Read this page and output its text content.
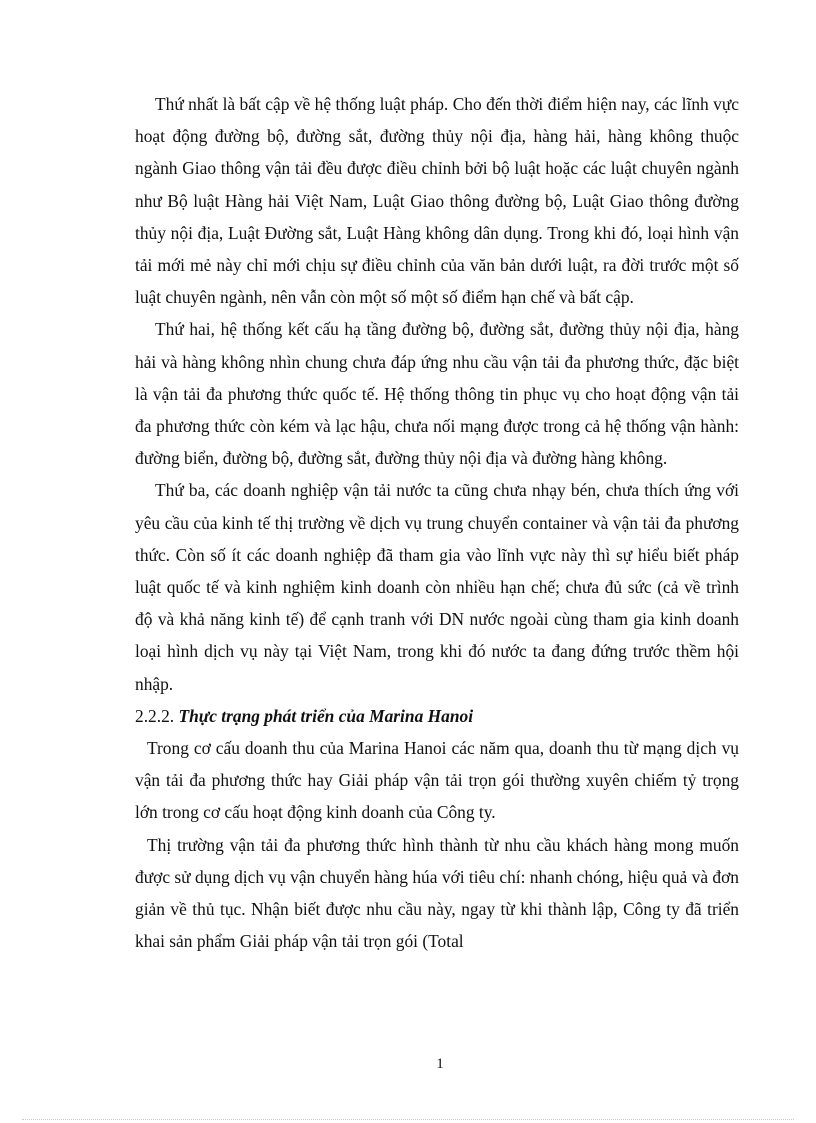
Thứ nhất là bất cập về hệ thống luật pháp. Cho đến thời điểm hiện nay, các lĩnh vực hoạt động đường bộ, đường sắt, đường thủy nội địa, hàng hải, hàng không thuộc ngành Giao thông vận tải đều được điều chỉnh bởi bộ luật hoặc các luật chuyên ngành như Bộ luật Hàng hải Việt Nam, Luật Giao thông đường bộ, Luật Giao thông đường thủy nội địa, Luật Đường sắt, Luật Hàng không dân dụng. Trong khi đó, loại hình vận tải mới mẻ này chỉ mới chịu sự điều chỉnh của văn bản dưới luật, ra đời trước một số luật chuyên ngành, nên vẫn còn một số một số điểm hạn chế và bất cập.

Thứ hai, hệ thống kết cấu hạ tầng đường bộ, đường sắt, đường thủy nội địa, hàng hải và hàng không nhìn chung chưa đáp ứng nhu cầu vận tải đa phương thức, đặc biệt là vận tải đa phương thức quốc tế. Hệ thống thông tin phục vụ cho hoạt động vận tải đa phương thức còn kém và lạc hậu, chưa nối mạng được trong cả hệ thống vận hành: đường biển, đường bộ, đường sắt, đường thủy nội địa và đường hàng không.

Thứ ba, các doanh nghiệp vận tải nước ta cũng chưa nhạy bén, chưa thích ứng với yêu cầu của kinh tế thị trường về dịch vụ trung chuyển container và vận tải đa phương thức. Còn số ít các doanh nghiệp đã tham gia vào lĩnh vực này thì sự hiểu biết pháp luật quốc tế và kinh nghiệm kinh doanh còn nhiều hạn chế; chưa đủ sức (cả về trình độ và khả năng kinh tế) để cạnh tranh với DN nước ngoài cùng tham gia kinh doanh loại hình dịch vụ này tại Việt Nam, trong khi đó nước ta đang đứng trước thềm hội nhập.

2.2.2. Thực trạng phát triển của Marina Hanoi

Trong cơ cấu doanh thu của Marina Hanoi các năm qua, doanh thu từ mạng dịch vụ vận tải đa phương thức hay Giải pháp vận tải trọn gói thường xuyên chiếm tỷ trọng lớn trong cơ cấu hoạt động kinh doanh của Công ty.

Thị trường vận tải đa phương thức hình thành từ nhu cầu khách hàng mong muốn được sử dụng dịch vụ vận chuyển hàng húa với tiêu chí: nhanh chóng, hiệu quả và đơn giản về thủ tục. Nhận biết được nhu cầu này, ngay từ khi thành lập, Công ty đã triển khai sản phẩm Giải pháp vận tải trọn gói (Total

1
